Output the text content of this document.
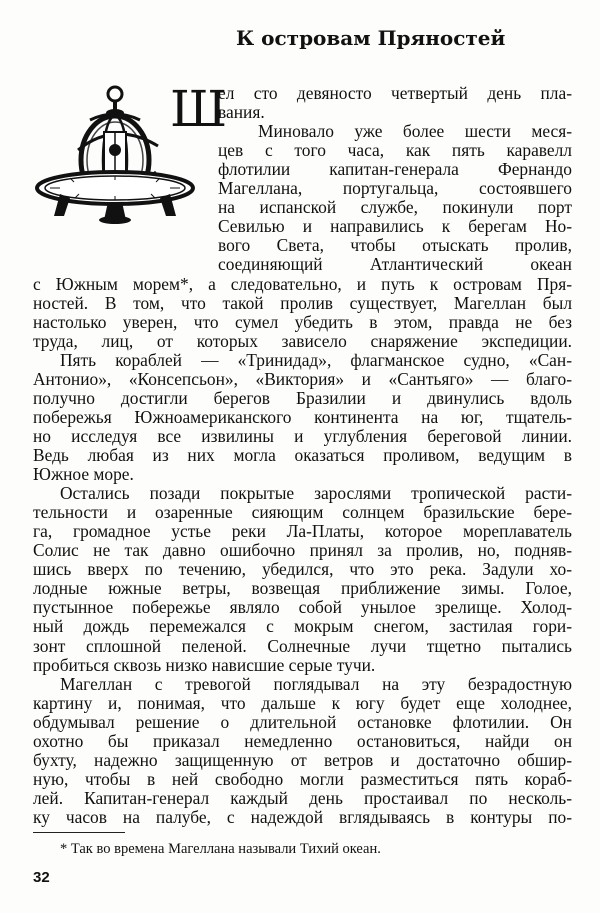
К островам Пряностей
Ш
ел сто девяносто четвертый день пла-
вания.
Миновало уже более шести меся-
цев с того часа, как пять каравелл
флотилии капитан-генерала Фернандо
Магеллана, португальца, состоявшего
на испанской службе, покинули порт
Севилью и направились к берегам Но-
вого Света, чтобы отыскать пролив,
соединяющий Атлантический океан
с Южным морем*, а следовательно, и путь к островам Пря-
ностей. В том, что такой пролив существует, Магеллан был
настолько уверен, что сумел убедить в этом, правда не без
труда, лиц, от которых зависело снаряжение экспедиции.
Пять кораблей — «Тринидад», флагманское судно, «Сан-
Антонио», «Консепсьон», «Виктория» и «Сантьяго» — благо-
получно достигли берегов Бразилии и двинулись вдоль
побережья Южноамериканского континента на юг, тщатель-
но исследуя все извилины и углубления береговой линии.
Ведь любая из них могла оказаться проливом, ведущим в
Южное море.
Остались позади покрытые зарослями тропической расти-
тельности и озаренные сияющим солнцем бразильские бере-
га, громадное устье реки Ла-Платы, которое мореплаватель
Солис не так давно ошибочно принял за пролив, но, подняв-
шись вверх по течению, убедился, что это река. Задули хо-
лодные южные ветры, возвещая приближение зимы. Голое,
пустынное побережье являло собой унылое зрелище. Холод-
ный дождь перемежался с мокрым снегом, застилая гори-
зонт сплошной пеленой. Солнечные лучи тщетно пытались
пробиться сквозь низко нависшие серые тучи.
Магеллан с тревогой поглядывал на эту безрадостную
картину и, понимая, что дальше к югу будет еще холоднее,
обдумывал решение о длительной остановке флотилии. Он
охотно бы приказал немедленно остановиться, найди он
бухту, надежно защищенную от ветров и достаточно обшир-
ную, чтобы в ней свободно могли разместиться пять кораб-
лей. Капитан-генерал каждый день простаивал по несколь-
ку часов на палубе, с надеждой вглядываясь в контуры по-
* Так во времена Магеллана называли Тихий океан.
32
